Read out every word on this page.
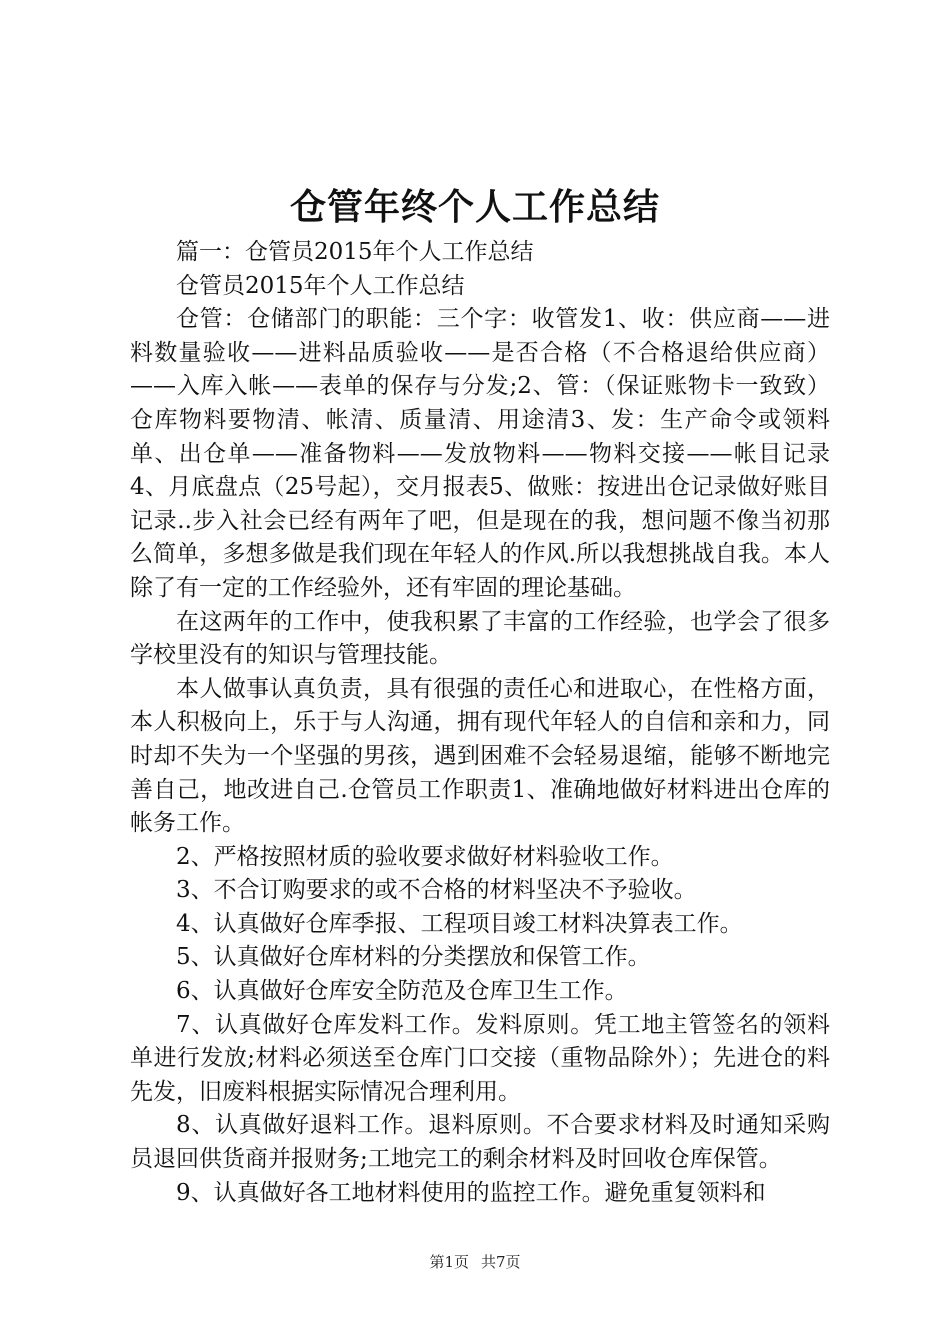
仓管年终个人工作总结

篇一：仓管员2015年个人工作总结

仓管员2015年个人工作总结

仓管：仓储部门的职能：三个字：收管发1、收：供应商——进料数量验收——进料品质验收——是否合格（不合格退给供应商）——入库入帐——表单的保存与分发;2、管：（保证账物卡一致致）仓库物料要物清、帐清、质量清、用途清3、发：生产命令或领料单、出仓单——准备物料——发放物料——物料交接——帐目记录4、月底盘点（25号起），交月报表5、做账：按进出仓记录做好账目记录..步入社会已经有两年了吧，但是现在的我，想问题不像当初那么简单，多想多做是我们现在年轻人的作风.所以我想挑战自我。本人除了有一定的工作经验外，还有牢固的理论基础。

在这两年的工作中，使我积累了丰富的工作经验，也学会了很多学校里没有的知识与管理技能。

本人做事认真负责，具有很强的责任心和进取心，在性格方面，本人积极向上，乐于与人沟通，拥有现代年轻人的自信和亲和力，同时却不失为一个坚强的男孩，遇到困难不会轻易退缩，能够不断地完善自己，地改进自己.仓管员工作职责1、准确地做好材料进出仓库的帐务工作。

2、严格按照材质的验收要求做好材料验收工作。

3、不合订购要求的或不合格的材料坚决不予验收。

4、认真做好仓库季报、工程项目竣工材料决算表工作。

5、认真做好仓库材料的分类摆放和保管工作。

6、认真做好仓库安全防范及仓库卫生工作。

7、认真做好仓库发料工作。发料原则。凭工地主管签名的领料单进行发放;材料必须送至仓库门口交接（重物品除外）；先进仓的料先发，旧废料根据实际情况合理利用。

8、认真做好退料工作。退料原则。不合要求材料及时通知采购员退回供货商并报财务;工地完工的剩余材料及时回收仓库保管。

9、认真做好各工地材料使用的监控工作。避免重复领料和

第1页 共7页
